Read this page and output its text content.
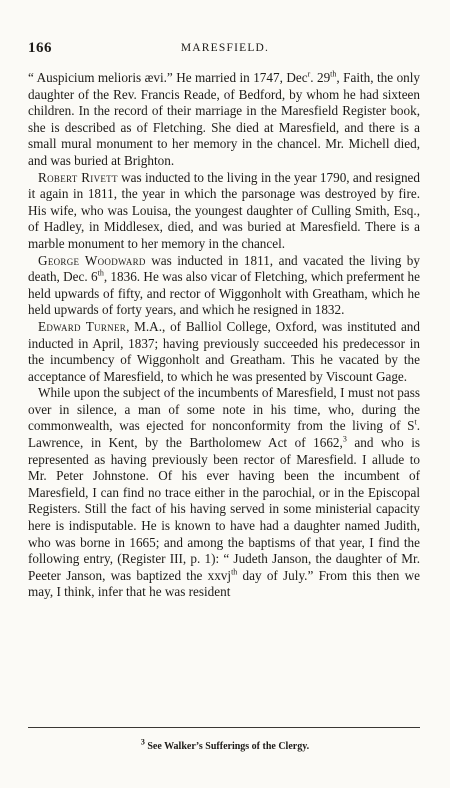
166	MARESFIELD.

“ Auspicium melioris ævi.” He married in 1747, Dec$^r$. 29th, Faith, the only daughter of the Rev. Francis Reade, of Bedford, by whom he had sixteen children. In the record of their marriage in the Maresfield Register book, she is described as of Fletching. She died at Maresfield, and there is a small mural monument to her memory in the chancel. Mr. Michell died, and was buried at Brighton.

Robert Rivett was inducted to the living in the year 1790, and resigned it again in 1811, the year in which the parsonage was destroyed by fire. His wife, who was Louisa, the youngest daughter of Culling Smith, Esq., of Hadley, in Middlesex, died, and was buried at Maresfield. There is a marble monument to her memory in the chancel.

George Woodward was inducted in 1811, and vacated the living by death, Dec. 6th, 1836. He was also vicar of Fletching, which preferment he held upwards of fifty, and rector of Wiggonholt with Greatham, which he held upwards of forty years, and which he resigned in 1832.

Edward Turner, M.A., of Balliol College, Oxford, was instituted and inducted in April, 1837; having previously succeeded his predecessor in the incumbency of Wiggonholt and Greatham. This he vacated by the acceptance of Maresfield, to which he was presented by Viscount Gage.

While upon the subject of the incumbents of Maresfield, I must not pass over in silence, a man of some note in his time, who, during the commonwealth, was ejected for nonconformity from the living of $S^t$. Lawrence, in Kent, by the Bartholomew Act of 1662,$^3$ and who is represented as having previously been rector of Maresfield. I allude to Mr. Peter Johnstone. Of his ever having been the incumbent of Maresfield, I can find no trace either in the parochial, or in the Episcopal Registers. Still the fact of his having served in some ministerial capacity here is indisputable. He is known to have had a daughter named Judith, who was borne in 1665; and among the baptisms of that year, I find the following entry, (Register III, p. 1): “ Judeth Janson, the daughter of Mr. Peeter Janson, was baptized the xxvj$^{th}$ day of July.” From this then we may, I think, infer that he was resident

$^3$ See Walker’s Sufferings of the Clergy.
